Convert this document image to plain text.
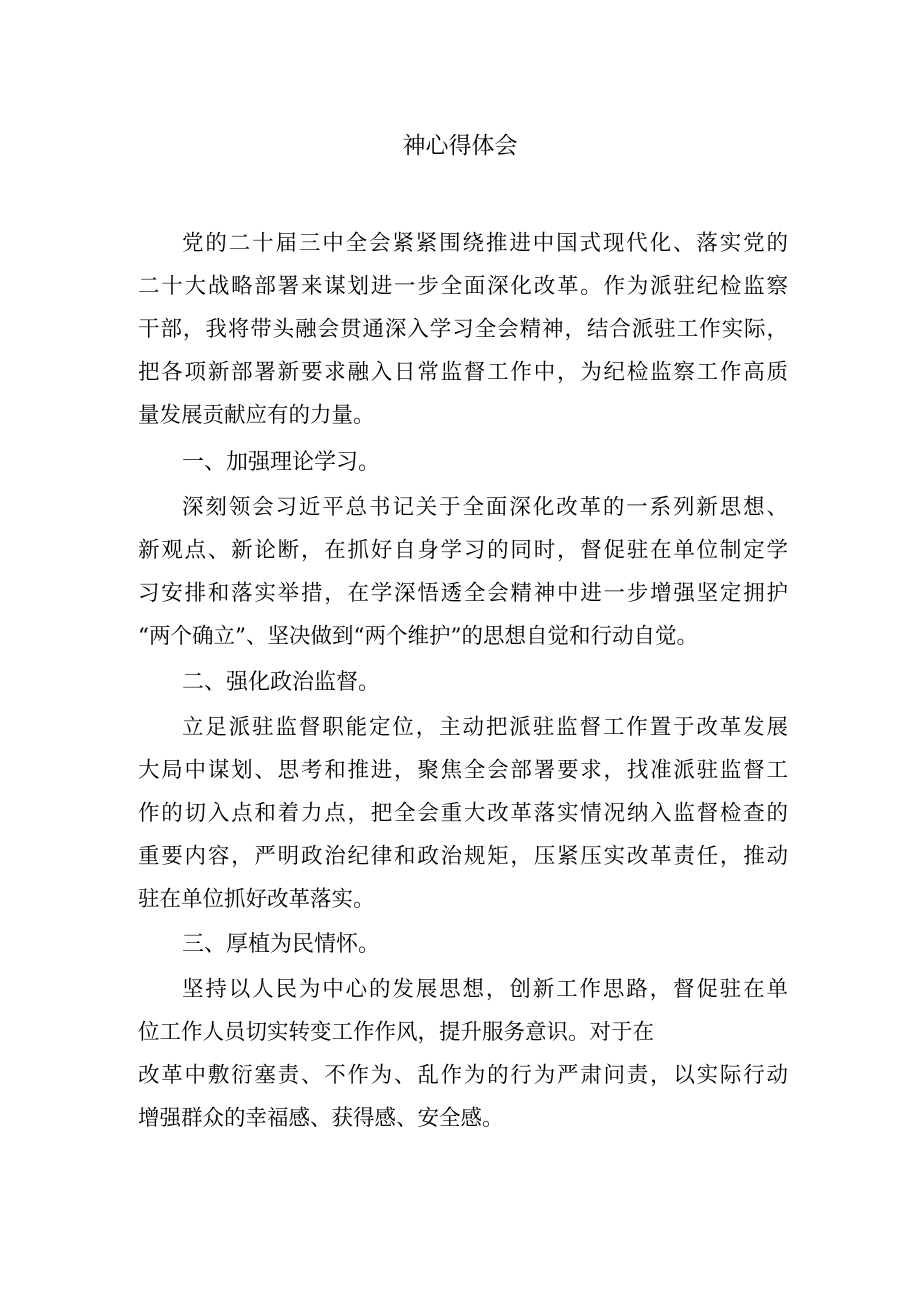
神心得体会
党的二十届三中全会紧紧围绕推进中国式现代化、落实党的
二十大战略部署来谋划进一步全面深化改革。作为派驻纪检监察
干部，我将带头融会贯通深入学习全会精神，结合派驻工作实际，
把各项新部署新要求融入日常监督工作中，为纪检监察工作高质
量发展贡献应有的力量。
一、加强理论学习。
深刻领会习近平总书记关于全面深化改革的一系列新思想、
新观点、新论断，在抓好自身学习的同时，督促驻在单位制定学
习安排和落实举措，在学深悟透全会精神中进一步增强坚定拥护
“两个确立”、坚决做到“两个维护”的思想自觉和行动自觉。
二、强化政治监督。
立足派驻监督职能定位，主动把派驻监督工作置于改革发展
大局中谋划、思考和推进，聚焦全会部署要求，找准派驻监督工
作的切入点和着力点，把全会重大改革落实情况纳入监督检查的
重要内容，严明政治纪律和政治规矩，压紧压实改革责任，推动
驻在单位抓好改革落实。
三、厚植为民情怀。
坚持以人民为中心的发展思想，创新工作思路，督促驻在单
位工作人员切实转变工作作风，提升服务意识。对于在
改革中敷衍塞责、不作为、乱作为的行为严肃问责，以实际行动
增强群众的幸福感、获得感、安全感。
